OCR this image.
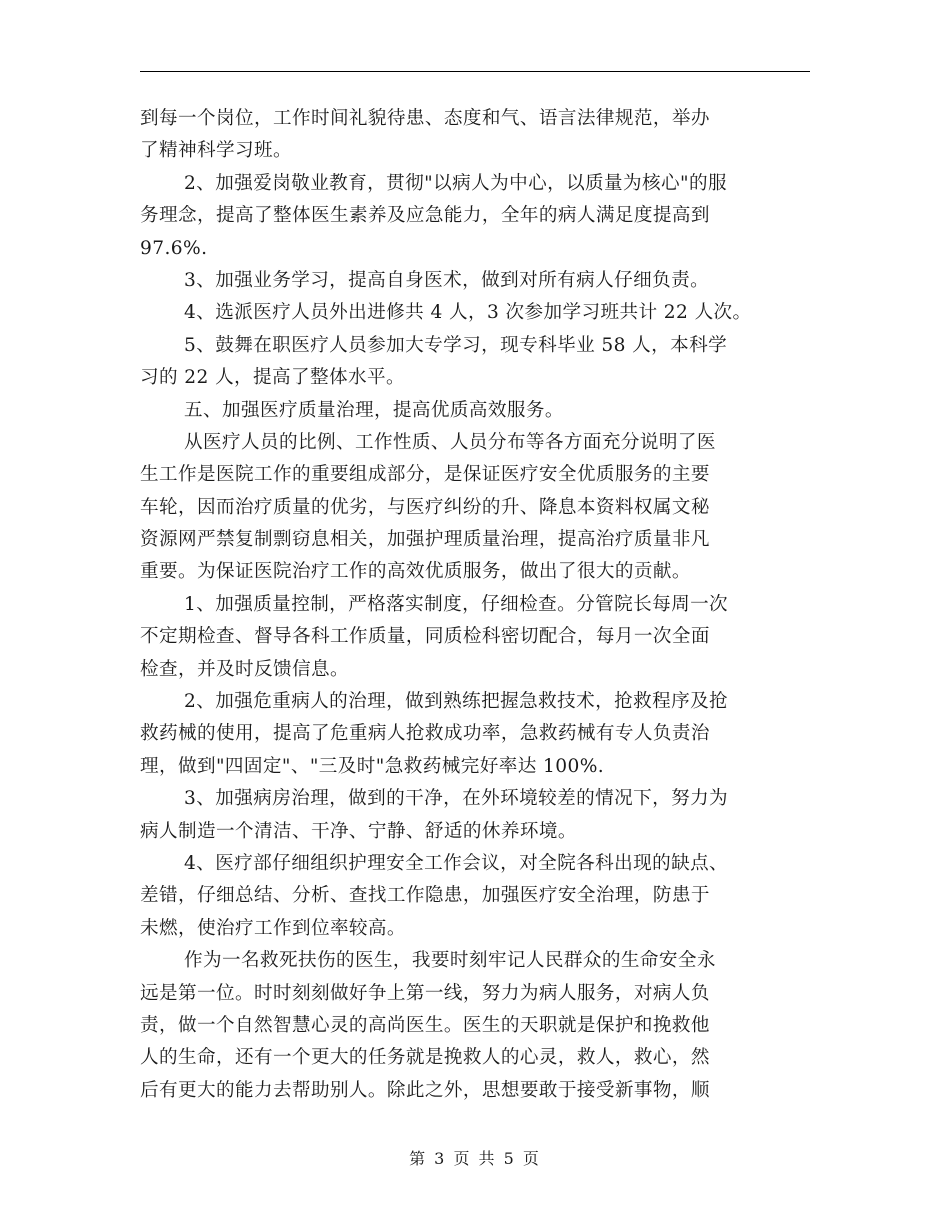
到每一个岗位，工作时间礼貌待患、态度和气、语言法律规范，举办
了精神科学习班。
2、加强爱岗敬业教育，贯彻"以病人为中心，以质量为核心"的服
务理念，提高了整体医生素养及应急能力，全年的病人满足度提高到
97.6%.
3、加强业务学习，提高自身医术，做到对所有病人仔细负责。
4、选派医疗人员外出进修共 4 人，3 次参加学习班共计 22 人次。
5、鼓舞在职医疗人员参加大专学习，现专科毕业 58 人，本科学
习的 22 人，提高了整体水平。
五、加强医疗质量治理，提高优质高效服务。
从医疗人员的比例、工作性质、人员分布等各方面充分说明了医
生工作是医院工作的重要组成部分，是保证医疗安全优质服务的主要
车轮，因而治疗质量的优劣，与医疗纠纷的升、降息本资料权属文秘
资源网严禁复制剽窃息相关，加强护理质量治理，提高治疗质量非凡
重要。为保证医院治疗工作的高效优质服务，做出了很大的贡献。
1、加强质量控制，严格落实制度，仔细检查。分管院长每周一次
不定期检查、督导各科工作质量，同质检科密切配合，每月一次全面
检查，并及时反馈信息。
2、加强危重病人的治理，做到熟练把握急救技术，抢救程序及抢
救药械的使用，提高了危重病人抢救成功率，急救药械有专人负责治
理，做到"四固定"、"三及时"急救药械完好率达 100%.
3、加强病房治理，做到的干净，在外环境较差的情况下，努力为
病人制造一个清洁、干净、宁静、舒适的休养环境。
4、医疗部仔细组织护理安全工作会议，对全院各科出现的缺点、
差错，仔细总结、分析、查找工作隐患，加强医疗安全治理，防患于
未燃，使治疗工作到位率较高。
作为一名救死扶伤的医生，我要时刻牢记人民群众的生命安全永
远是第一位。时时刻刻做好争上第一线，努力为病人服务，对病人负
责，做一个自然智慧心灵的高尚医生。医生的天职就是保护和挽救他
人的生命，还有一个更大的任务就是挽救人的心灵，救人，救心，然
后有更大的能力去帮助别人。除此之外，思想要敢于接受新事物，顺
第 3 页 共 5 页
